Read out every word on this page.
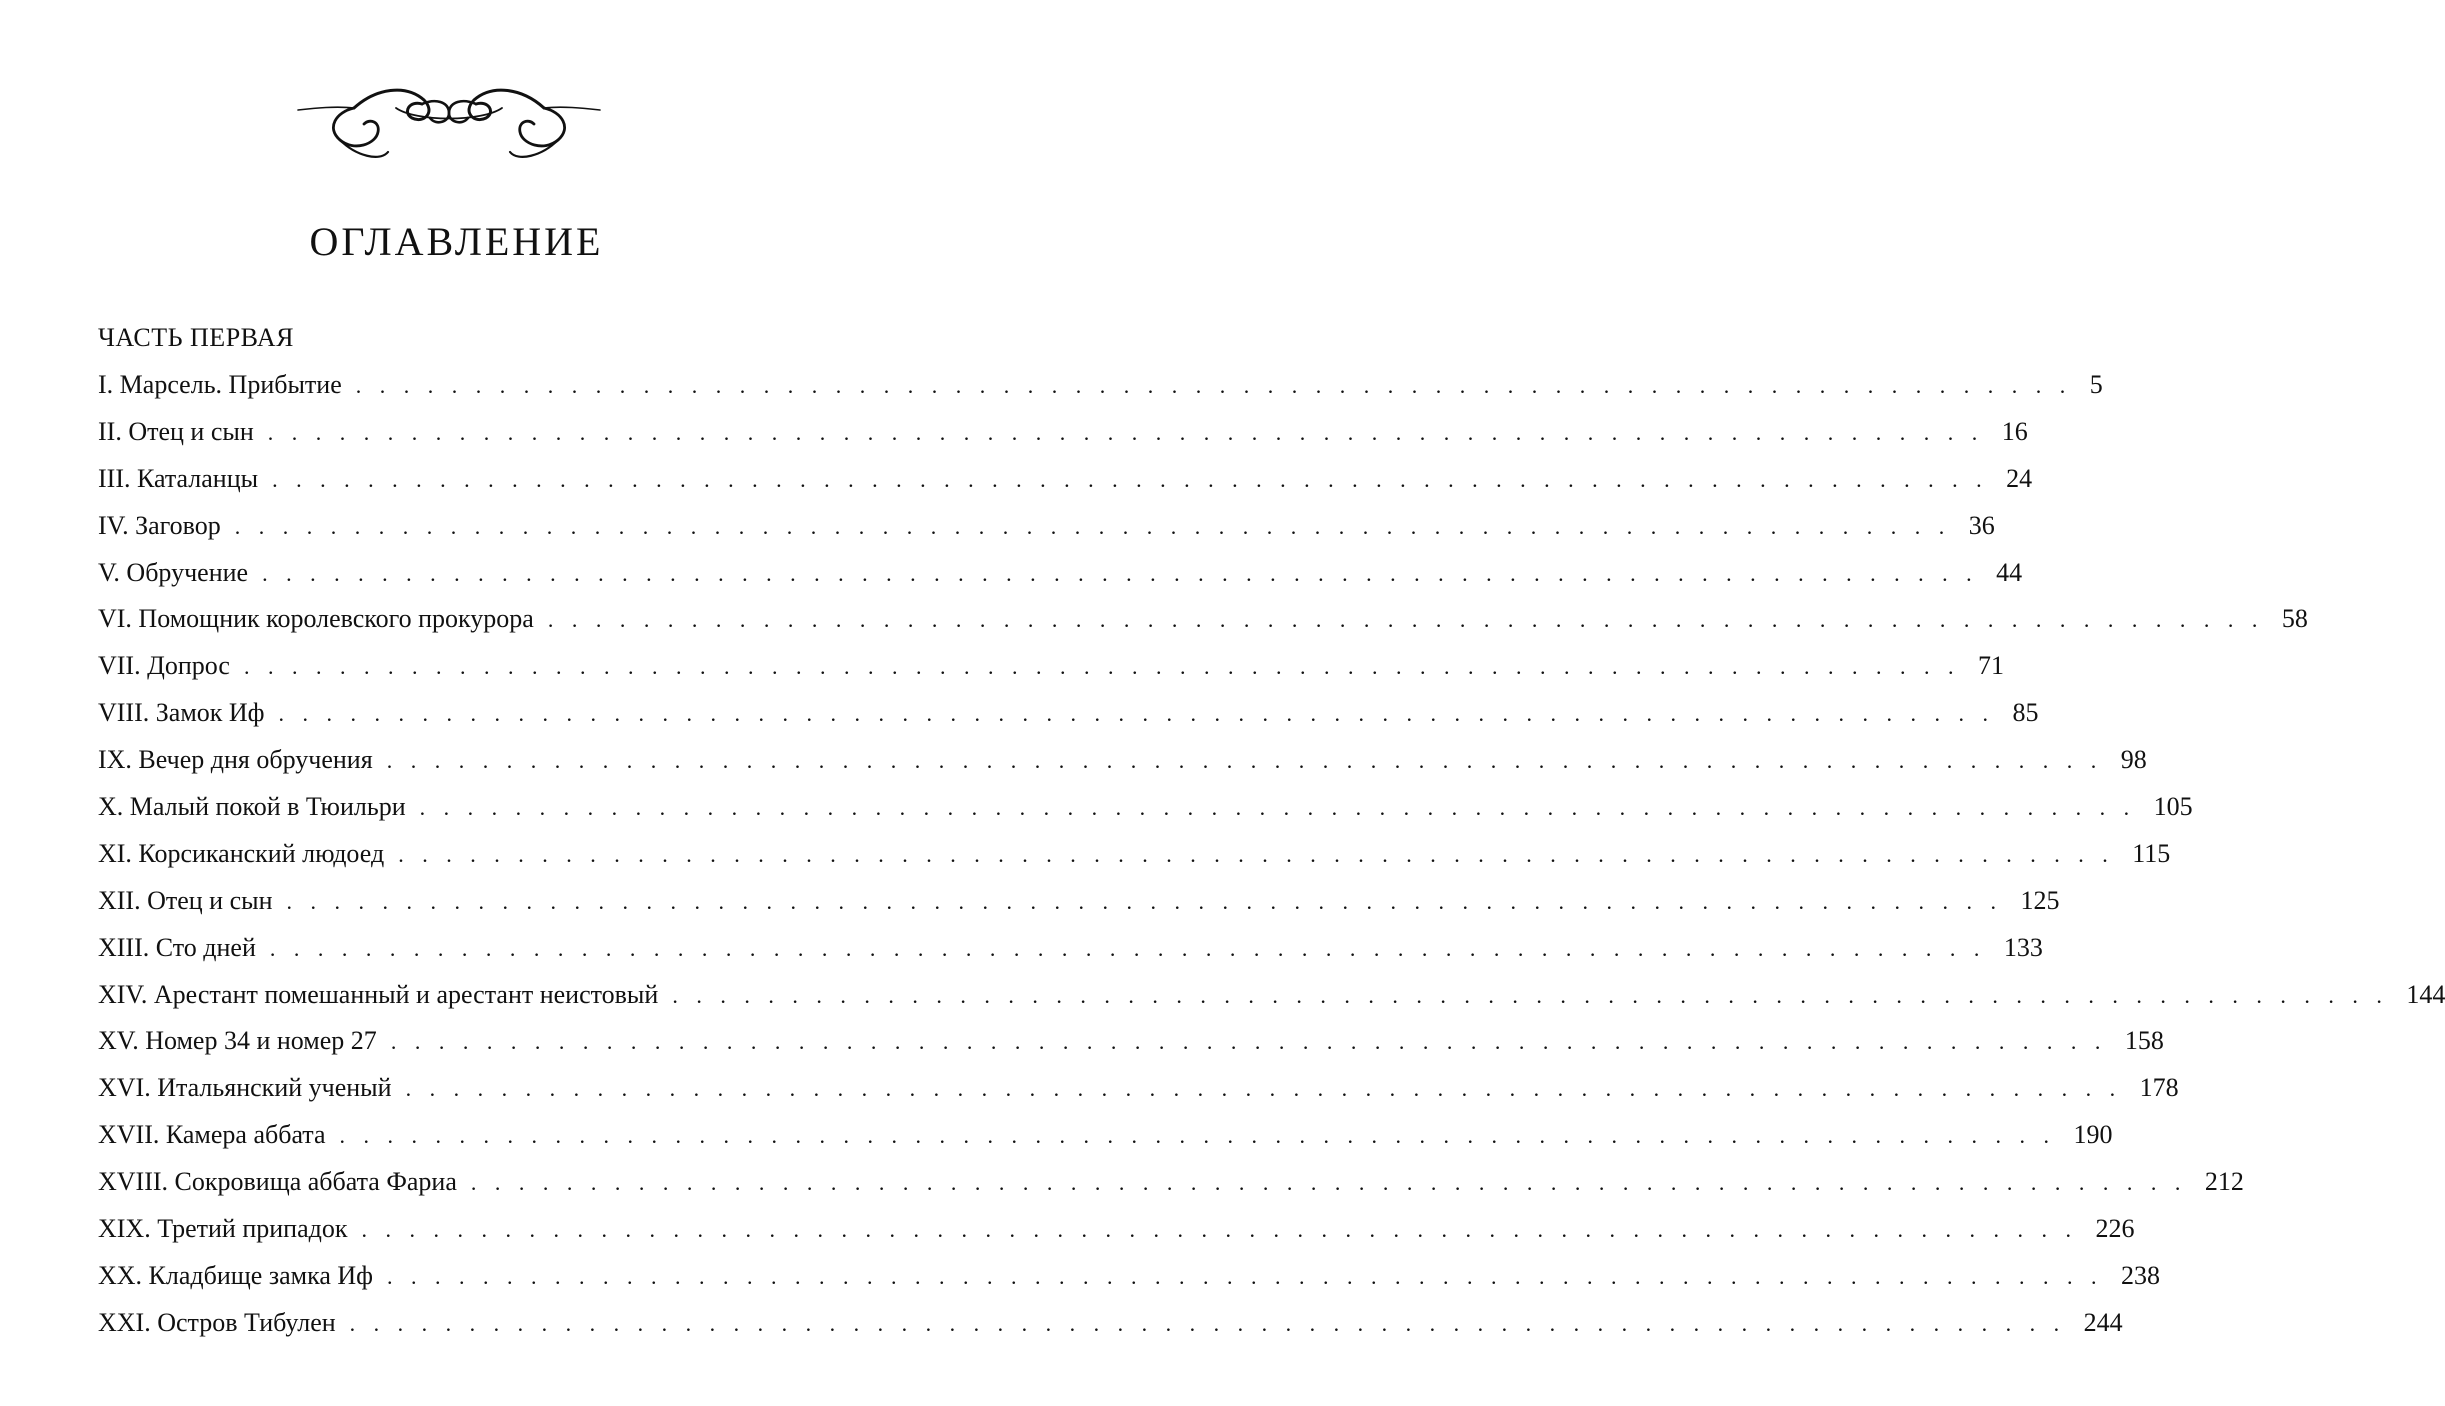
ОГЛАВЛЕНИЕ
ЧАСТЬ ПЕРВАЯ
I. Марсель. Прибытие . . . . . . . . . . . . . . . . . . . . . . . . . . . . . . . . . . . . . . . . . . . . . . . . . . . . . . . . . . . . . . . . . . . . . . . . 5
II. Отец и сын . . . . . . . . . . . . . . . . . . . . . . . . . . . . . . . . . . . . . . . . . . . . . . . . . . . . . . . . . . . . . . . . . . . . . . . . 16
III. Каталанцы . . . . . . . . . . . . . . . . . . . . . . . . . . . . . . . . . . . . . . . . . . . . . . . . . . . . . . . . . . . . . . . . . . . . . . . . 24
IV. Заговор . . . . . . . . . . . . . . . . . . . . . . . . . . . . . . . . . . . . . . . . . . . . . . . . . . . . . . . . . . . . . . . . . . . . . . . . 36
V. Обручение . . . . . . . . . . . . . . . . . . . . . . . . . . . . . . . . . . . . . . . . . . . . . . . . . . . . . . . . . . . . . . . . . . . . . . . . 44
VI. Помощник королевского прокурора . . . . . . . . . . . . . . . . . . . . . . . . . . . . . . . . . . . . . . . . . . . . . . . . . . . . . . . . . . . . . . . . . . . . . . . . 58
VII. Допрос . . . . . . . . . . . . . . . . . . . . . . . . . . . . . . . . . . . . . . . . . . . . . . . . . . . . . . . . . . . . . . . . . . . . . . . . 71
VIII. Замок Иф . . . . . . . . . . . . . . . . . . . . . . . . . . . . . . . . . . . . . . . . . . . . . . . . . . . . . . . . . . . . . . . . . . . . . . . . 85
IX. Вечер дня обручения . . . . . . . . . . . . . . . . . . . . . . . . . . . . . . . . . . . . . . . . . . . . . . . . . . . . . . . . . . . . . . . . . . . . . . . . 98
X. Малый покой в Тюильри . . . . . . . . . . . . . . . . . . . . . . . . . . . . . . . . . . . . . . . . . . . . . . . . . . . . . . . . . . . . . . . . . . . . . . . . 105
XI. Корсиканский людоед . . . . . . . . . . . . . . . . . . . . . . . . . . . . . . . . . . . . . . . . . . . . . . . . . . . . . . . . . . . . . . . . . . . . . . . . 115
XII. Отец и сын . . . . . . . . . . . . . . . . . . . . . . . . . . . . . . . . . . . . . . . . . . . . . . . . . . . . . . . . . . . . . . . . . . . . . . . . 125
XIII. Сто дней . . . . . . . . . . . . . . . . . . . . . . . . . . . . . . . . . . . . . . . . . . . . . . . . . . . . . . . . . . . . . . . . . . . . . . . . 133
XIV. Арестант помешанный и арестант неистовый . . . . . . . . . . . . . . . . . . . . . . . . . . . . . . . . . . . . . . . . . . . . . . . . . . . . . . . . . . . . . . . . . . . . . . . . 144
XV. Номер 34 и номер 27 . . . . . . . . . . . . . . . . . . . . . . . . . . . . . . . . . . . . . . . . . . . . . . . . . . . . . . . . . . . . . . . . . . . . . . . . 158
XVI. Итальянский ученый . . . . . . . . . . . . . . . . . . . . . . . . . . . . . . . . . . . . . . . . . . . . . . . . . . . . . . . . . . . . . . . . . . . . . . . . 178
XVII. Камера аббата . . . . . . . . . . . . . . . . . . . . . . . . . . . . . . . . . . . . . . . . . . . . . . . . . . . . . . . . . . . . . . . . . . . . . . . . 190
XVIII. Сокровища аббата Фариа . . . . . . . . . . . . . . . . . . . . . . . . . . . . . . . . . . . . . . . . . . . . . . . . . . . . . . . . . . . . . . . . . . . . . . . . 212
XIX. Третий припадок . . . . . . . . . . . . . . . . . . . . . . . . . . . . . . . . . . . . . . . . . . . . . . . . . . . . . . . . . . . . . . . . . . . . . . . . 226
XX. Кладбище замка Иф . . . . . . . . . . . . . . . . . . . . . . . . . . . . . . . . . . . . . . . . . . . . . . . . . . . . . . . . . . . . . . . . . . . . . . . . 238
XXI. Остров Тибулен . . . . . . . . . . . . . . . . . . . . . . . . . . . . . . . . . . . . . . . . . . . . . . . . . . . . . . . . . . . . . . . . . . . . . . . . 244
